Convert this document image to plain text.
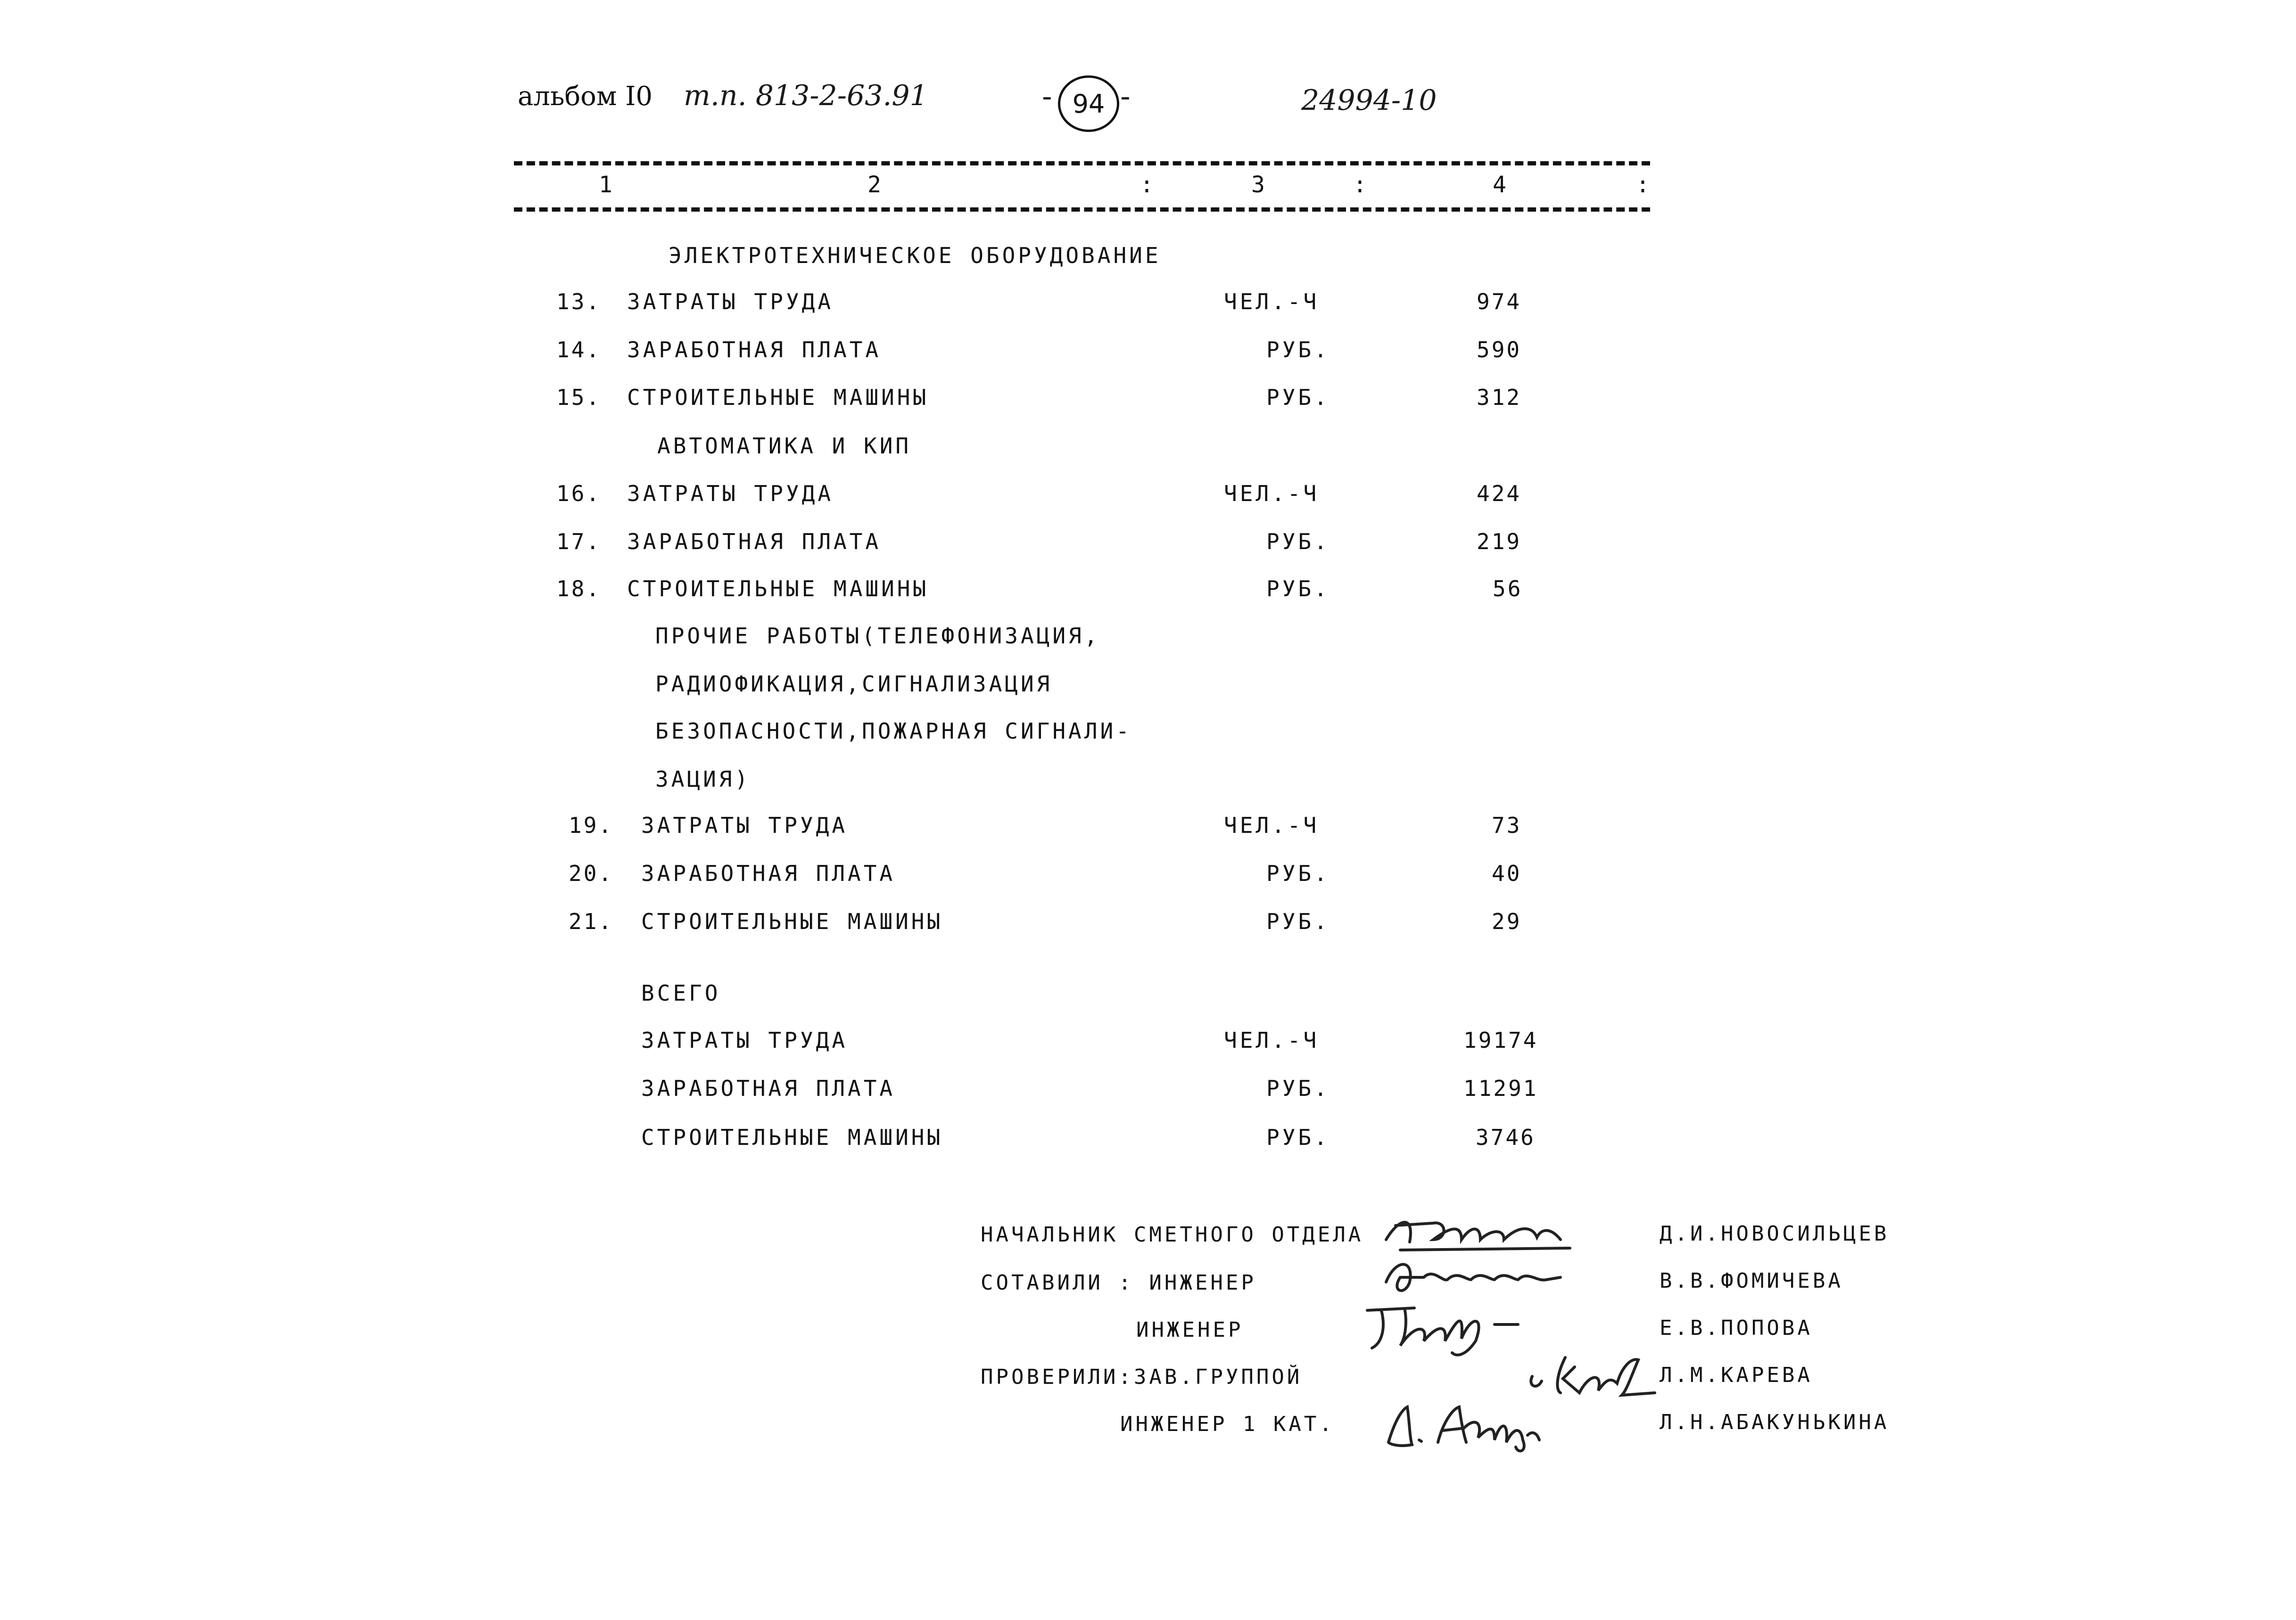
альбом I0 т.п. 813-2-63.91	- 94 -	24994-10
1	2	:	3	:	4	:
ЭЛЕКТРОТЕХНИЧЕСКОЕ ОБОРУДОВАНИЕ
13. ЗАТРАТЫ ТРУДА	ЧЕЛ.-Ч	974
14. ЗАРАБОТНАЯ ПЛАТА	РУБ.	590
15. СТРОИТЕЛЬНЫЕ МАШИНЫ	РУБ.	312
АВТОМАТИКА И КИП
16. ЗАТРАТЫ ТРУДА	ЧЕЛ.-Ч	424
17. ЗАРАБОТНАЯ ПЛАТА	РУБ.	219
18. СТРОИТЕЛЬНЫЕ МАШИНЫ	РУБ.	56
ПРОЧИЕ РАБОТЫ(ТЕЛЕФОНИЗАЦИЯ,
РАДИОФИКАЦИЯ,СИГНАЛИЗАЦИЯ
БЕЗОПАСНОСТИ,ПОЖАРНАЯ СИГНАЛИ-
ЗАЦИЯ)
19. ЗАТРАТЫ ТРУДА	ЧЕЛ.-Ч	73
20. ЗАРАБОТНАЯ ПЛАТА	РУБ.	40
21. СТРОИТЕЛЬНЫЕ МАШИНЫ	РУБ.	29
ВСЕГО
ЗАТРАТЫ ТРУДА	ЧЕЛ.-Ч	19174
ЗАРАБОТНАЯ ПЛАТА	РУБ.	11291
СТРОИТЕЛЬНЫЕ МАШИНЫ	РУБ.	3746
НАЧАЛЬНИК СМЕТНОГО ОТДЕЛА	Д.И.НОВОСИЛЬЦЕВ
СОТАВИЛИ : ИНЖЕНЕР	В.В.ФОМИЧЕВА
ИНЖЕНЕР	Е.В.ПОПОВА
ПРОВЕРИЛИ:ЗАВ.ГРУППОЙ	Л.М.КАРЕВА
ИНЖЕНЕР 1 КАТ.	Л.Н.АБАКУНЬКИНА
